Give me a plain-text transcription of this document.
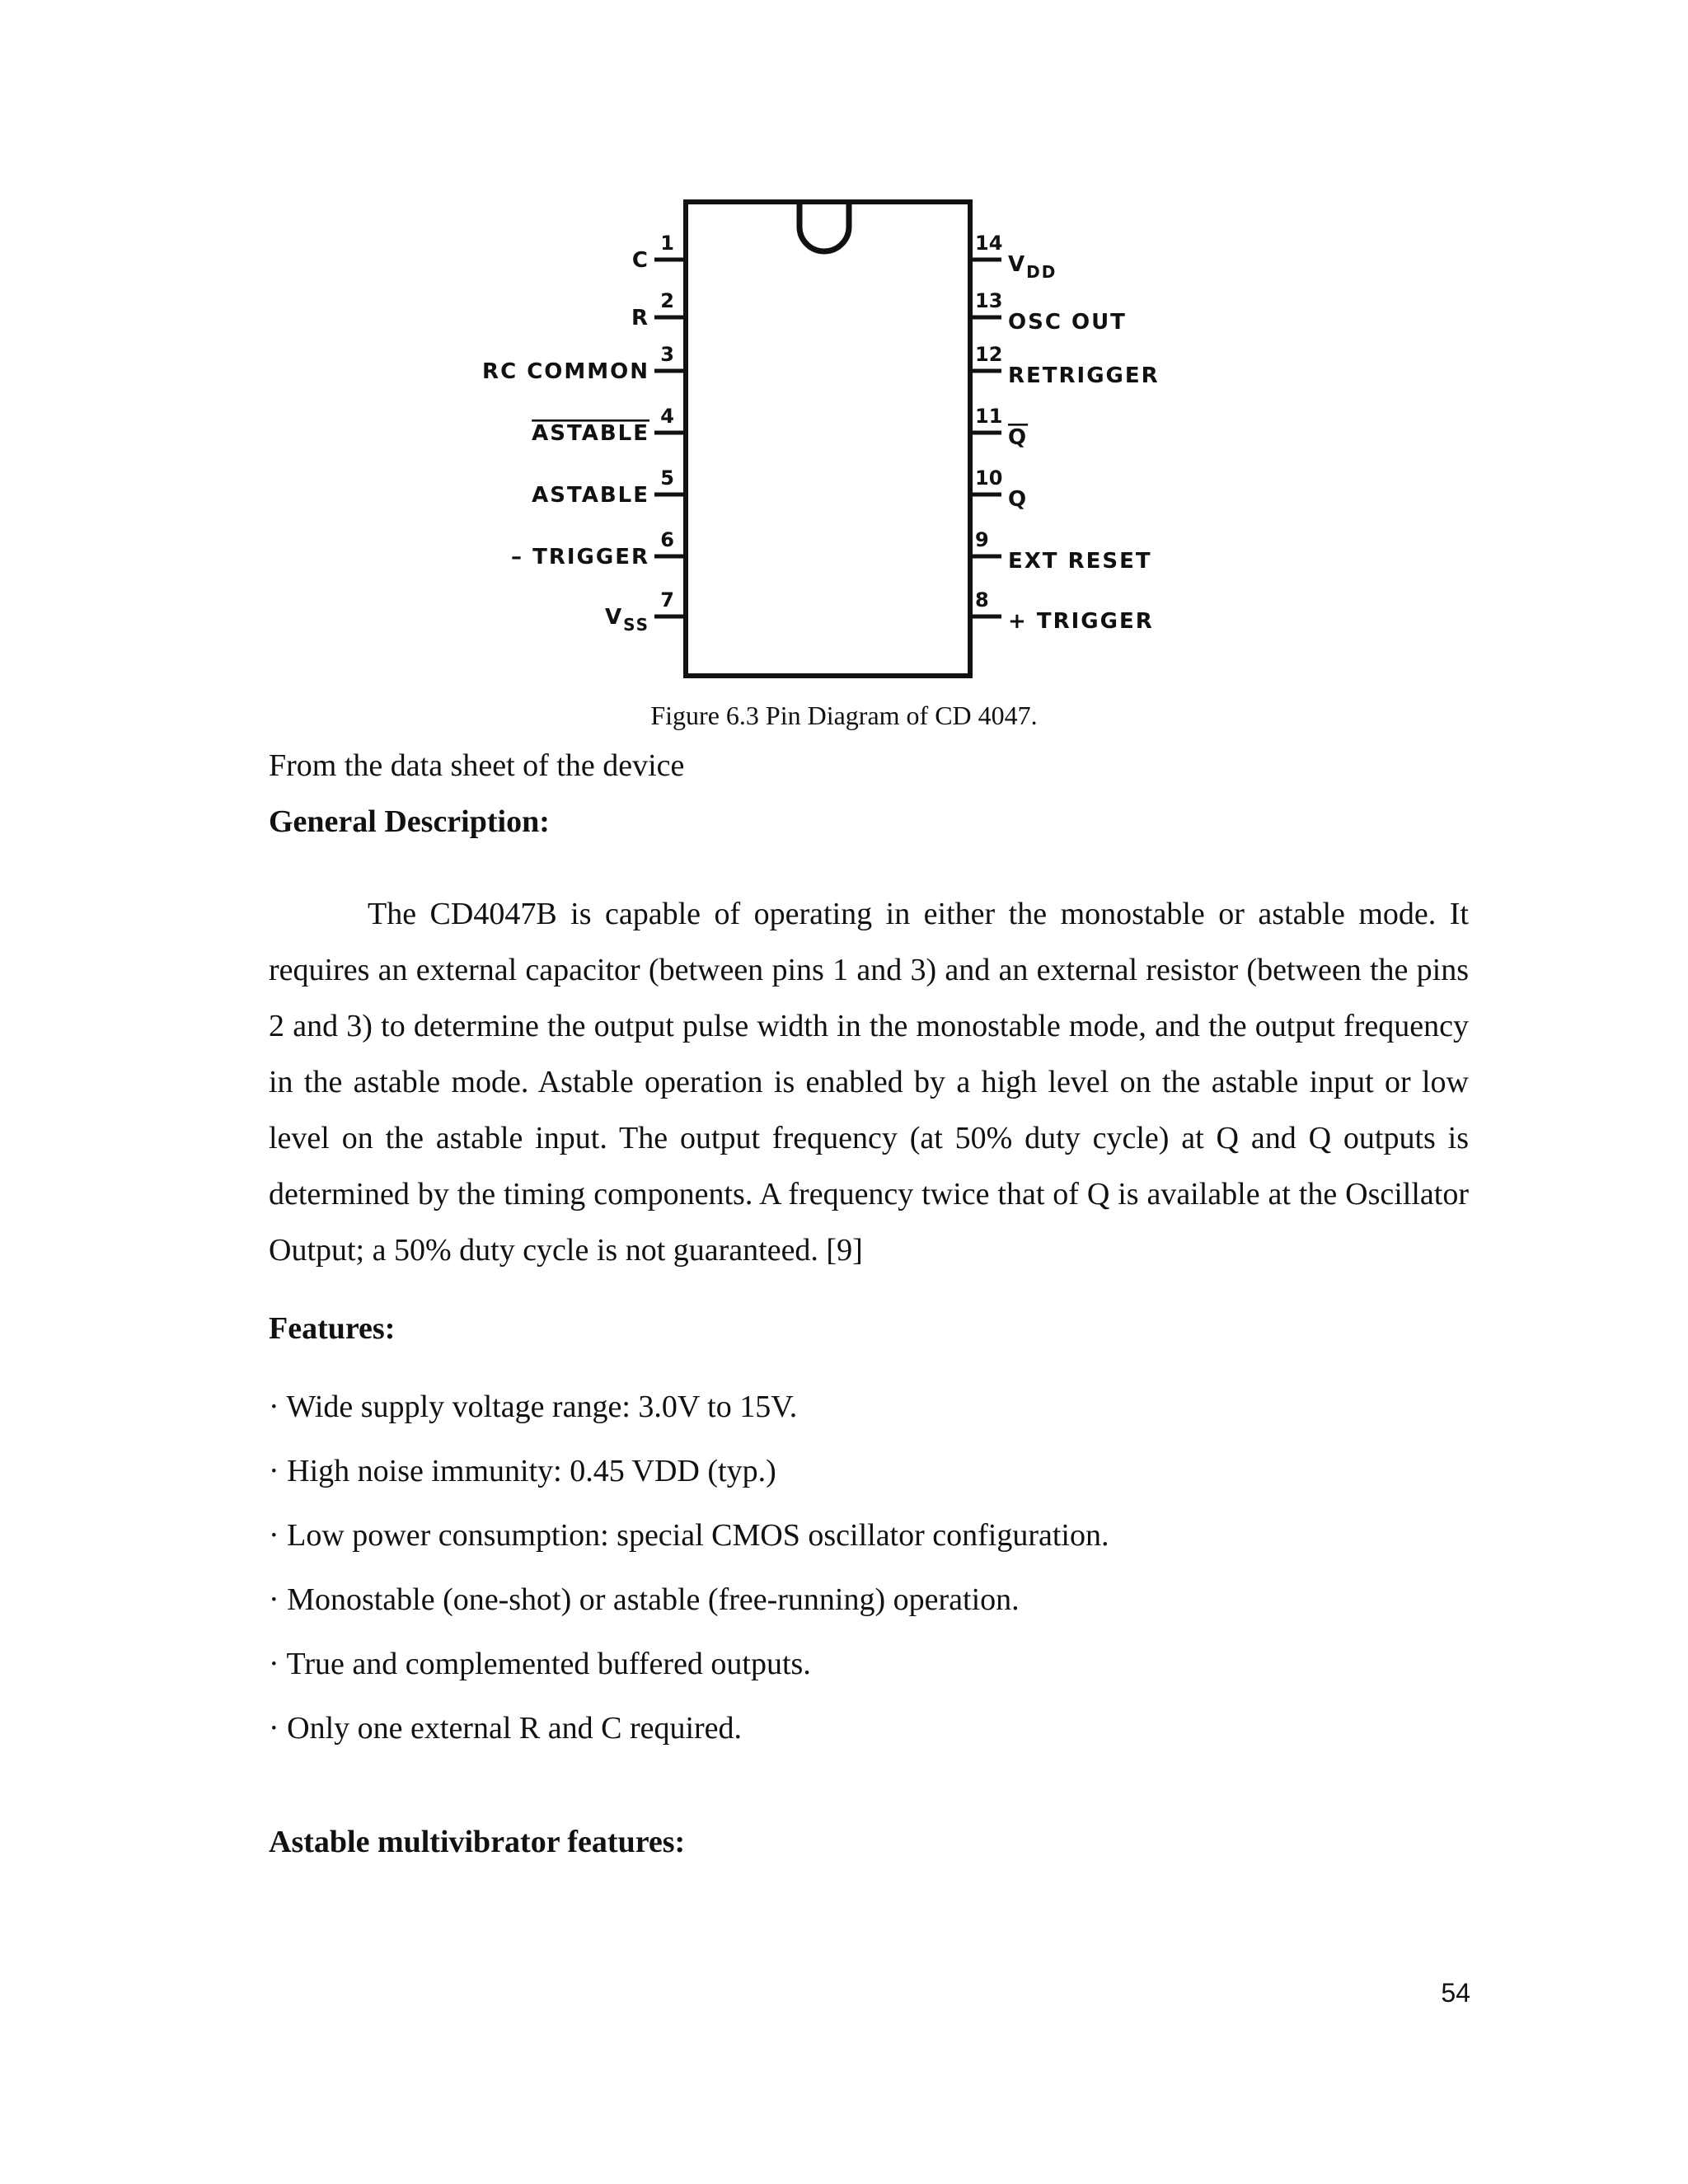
1
C
2
R
3
RC COMMON
4
ASTABLE
5
ASTABLE
6
– TRIGGER
7
$V_{SS}$
14
$V_{DD}$
13
OSC OUT
12
RETRIGGER
11
Q
10
Q
9
EXT RESET
8
+ TRIGGER
Figure 6.3 Pin Diagram of CD 4047.
From the data sheet of the device
General Description:

The CD4047B is capable of operating in either the monostable or astable mode. It requires an external capacitor (between pins 1 and 3) and an external resistor (between the pins 2 and 3) to determine the output pulse width in the monostable mode, and the output frequency in the astable mode. Astable operation is enabled by a high level on the astable input or low level on the astable input. The output frequency (at 50% duty cycle) at Q and Q outputs is determined by the timing components. A frequency twice that of Q is available at the Oscillator Output; a 50% duty cycle is not guaranteed. [9]

Features:
· Wide supply voltage range: 3.0V to 15V.
· High noise immunity: 0.45 VDD (typ.)
· Low power consumption: special CMOS oscillator configuration.
· Monostable (one-shot) or astable (free-running) operation.
· True and complemented buffered outputs.
· Only one external R and C required.
Astable multivibrator features:
54
